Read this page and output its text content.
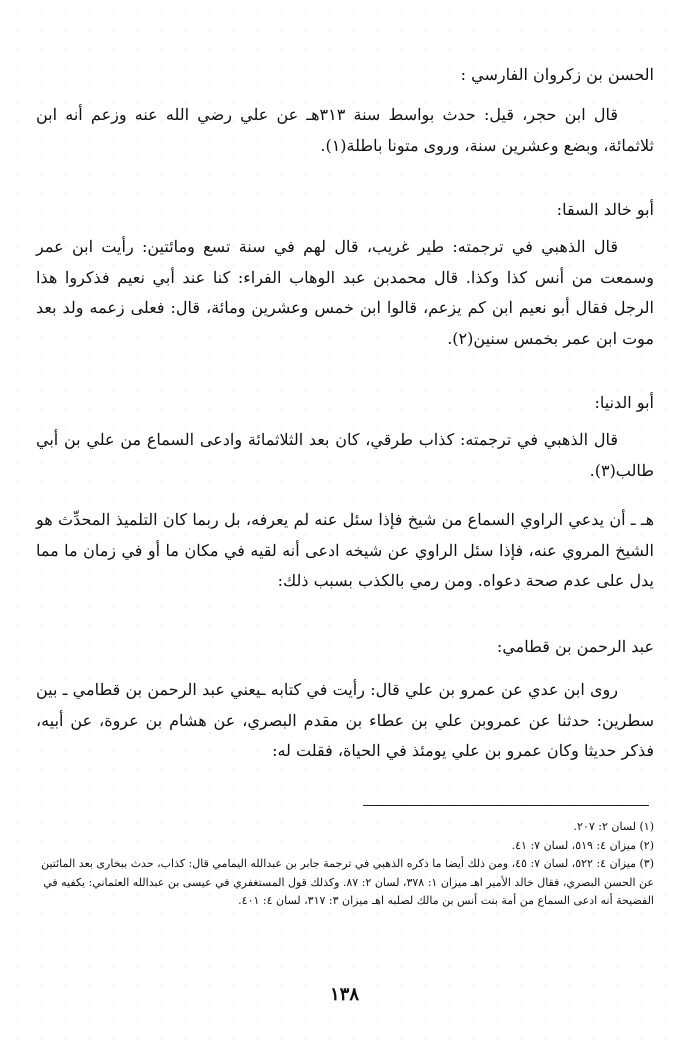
الحسن بن زكروان الفارسي :

قال ابن حجر، قيل: حدث بواسط سنة ٣١٣هـ عن علي رضي الله عنه وزعم أنه ابن ثلاثمائة، وبضع وعشرين سنة، وروى متونا باطلة(١).

أبو خالد السقا:

قال الذهبي في ترجمته: طير غريب، قال لهم في سنة تسع ومائتين: رأيت ابن عمر وسمعت من أنس كذا وكذا. قال محمدبن عبد الوهاب الفراء: كنا عند أبي نعيم فذكروا هذا الرجل فقال أبو نعيم ابن كم يزعم، قالوا ابن خمس وعشرين ومائة، قال: فعلى زعمه ولد بعد موت ابن عمر بخمس سنين(٢).

أبو الدنيا:

قال الذهبي في ترجمته: كذاب طرقي، كان بعد الثلاثمائة وادعى السماع من علي بن أبي طالب(٣).

هـ ـ أن يدعي الراوي السماع من شيخ فإذا سئل عنه لم يعرفه، بل ربما كان التلميذ المحدِّث هو الشيخ المروي عنه، فإذا سئل الراوي عن شيخه ادعى أنه لقيه في مكان ما أو في زمان ما مما يدل على عدم صحة دعواه. ومن رمي بالكذب بسبب ذلك:

عبد الرحمن بن قطامي:

روى ابن عدي عن عمرو بن علي قال: رأيت في كتابه ـيعني عبد الرحمن بن قطامي ـ بين سطرين: حدثنا عن عمروبن علي بن عطاء بن مقدم البصري، عن هشام بن عروة، عن أبيه، فذكر حديثا وكان عمرو بن علي يومئذ في الحياة، فقلت له:

(١) لسان ٢: ٢٠٧.

(٢) ميزان ٤: ٥١٩، لسان ٧: ٤١.

(٣) ميزان ٤: ٥٢٢، لسان ٧: ٤٥، ومن ذلك أيضا ما ذكره الذهبي في ترجمة جابر بن عبدالله اليمامي قال: كذاب، حدث ببخارى بعد المائتين عن الحسن البصري، فقال خالد الأمير اهـ ميزان ١: ٣٧٨، لسان ٢: ٨٧. وكذلك قول المستغفري في عيسى بن عبدالله العثماني: يكفيه في الفضيحة أنه ادعى السماع من أمة بنت أنس بن مالك لصلبه اهـ ميزان ٣: ٣١٧، لسان ٤: ٤٠١.

١٣٨
